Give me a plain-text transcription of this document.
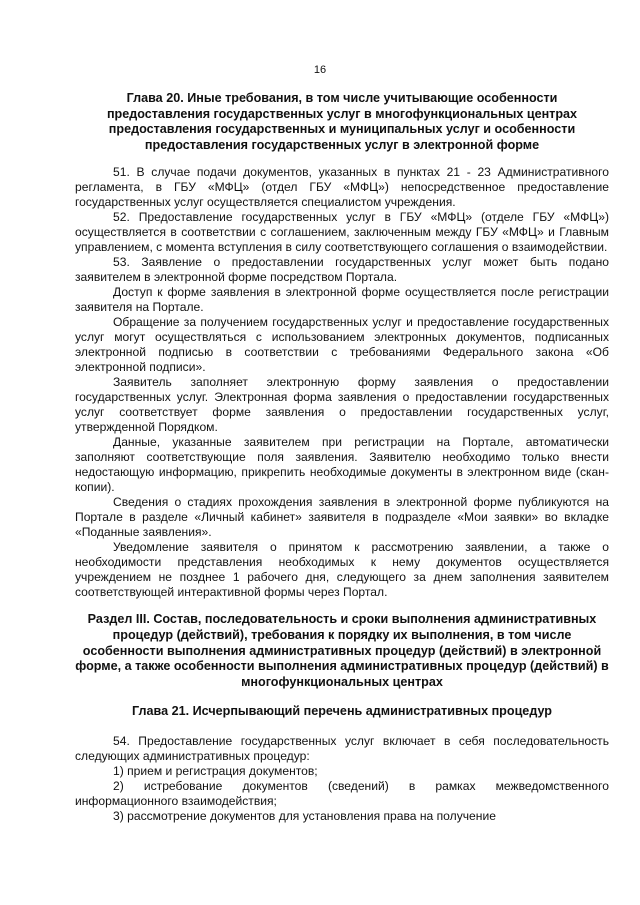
16

Глава 20. Иные требования, в том числе учитывающие особенности предоставления государственных услуг в многофункциональных центрах предоставления государственных и муниципальных услуг и особенности предоставления государственных услуг в электронной форме

51. В случае подачи документов, указанных в пунктах 21 - 23 Административного регламента, в ГБУ «МФЦ» (отдел ГБУ «МФЦ») непосредственное предоставление государственных услуг осуществляется специалистом учреждения.

52. Предоставление государственных услуг в ГБУ «МФЦ» (отделе ГБУ «МФЦ») осуществляется в соответствии с соглашением, заключенным между ГБУ «МФЦ» и Главным управлением, с момента вступления в силу соответствующего соглашения о взаимодействии.

53. Заявление о предоставлении государственных услуг может быть подано заявителем в электронной форме посредством Портала.

Доступ к форме заявления в электронной форме осуществляется после регистрации заявителя на Портале.

Обращение за получением государственных услуг и предоставление государственных услуг могут осуществляться с использованием электронных документов, подписанных электронной подписью в соответствии с требованиями Федерального закона «Об электронной подписи».

Заявитель заполняет электронную форму заявления о предоставлении государственных услуг. Электронная форма заявления о предоставлении государственных услуг соответствует форме заявления о предоставлении государственных услуг, утвержденной Порядком.

Данные, указанные заявителем при регистрации на Портале, автоматически заполняют соответствующие поля заявления. Заявителю необходимо только внести недостающую информацию, прикрепить необходимые документы в электронном виде (скан-копии).

Сведения о стадиях прохождения заявления в электронной форме публикуются на Портале в разделе «Личный кабинет» заявителя в подразделе «Мои заявки» во вкладке «Поданные заявления».

Уведомление заявителя о принятом к рассмотрению заявлении, а также о необходимости представления необходимых к нему документов осуществляется учреждением не позднее 1 рабочего дня, следующего за днем заполнения заявителем соответствующей интерактивной формы через Портал.

Раздел III. Состав, последовательность и сроки выполнения административных процедур (действий), требования к порядку их выполнения, в том числе особенности выполнения административных процедур (действий) в электронной форме, а также особенности выполнения административных процедур (действий) в многофункциональных центрах

Глава 21. Исчерпывающий перечень административных процедур

54. Предоставление государственных услуг включает в себя последовательность следующих административных процедур:

1) прием и регистрация документов;
2) истребование документов (сведений) в рамках межведомственного информационного взаимодействия;
3) рассмотрение документов для установления права на получение
